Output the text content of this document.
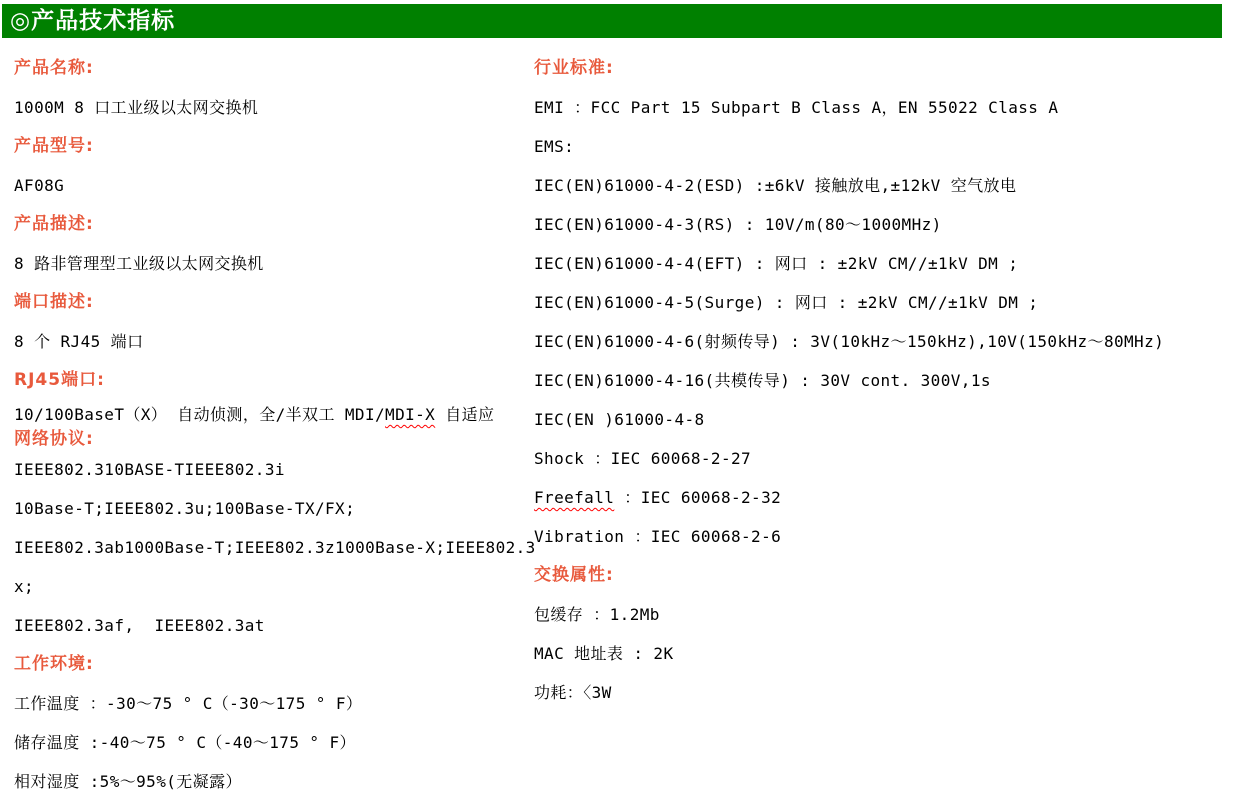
◎产品技术指标

产品名称:

1000M 8 口工业级以太网交换机

产品型号:

AF08G

产品描述:

8 路非管理型工业级以太网交换机

端口描述:

8 个 RJ45 端口

RJ45端口:

10/100BaseT（X） 自动侦测，全/半双工 MDI/MDI-X 自适应

网络协议:

IEEE802.310BASE-TIEEE802.3i

10Base-T;IEEE802.3u;100Base-TX/FX;

IEEE802.3ab1000Base-T;IEEE802.3z1000Base-X;IEEE802.3

x;

IEEE802.3af,  IEEE802.3at

工作环境:

工作温度 ：-30～75 ° C（-30～175 ° F）

储存温度 :-40～75 ° C（-40～175 ° F）

相对湿度 :5%～95%(无凝露）

行业标准:

EMI ：FCC Part 15 Subpart B Class A，EN 55022 Class A

EMS:

IEC(EN)61000-4-2(ESD) :±6kV 接触放电,±12kV 空气放电

IEC(EN)61000-4-3(RS) : 10V/m(80～1000MHz)

IEC(EN)61000-4-4(EFT) : 网口 : ±2kV CM//±1kV DM ;

IEC(EN)61000-4-5(Surge) : 网口 : ±2kV CM//±1kV DM ;

IEC(EN)61000-4-6(射频传导) : 3V(10kHz～150kHz),10V(150kHz～80MHz)

IEC(EN)61000-4-16(共模传导) : 30V cont. 300V,1s

IEC(EN )61000-4-8

Shock ：IEC 60068-2-27

Freefall ：IEC 60068-2-32

Vibration ：IEC 60068-2-6

交换属性:

包缓存 ：1.2Mb

MAC 地址表 : 2K

功耗：〈3W
